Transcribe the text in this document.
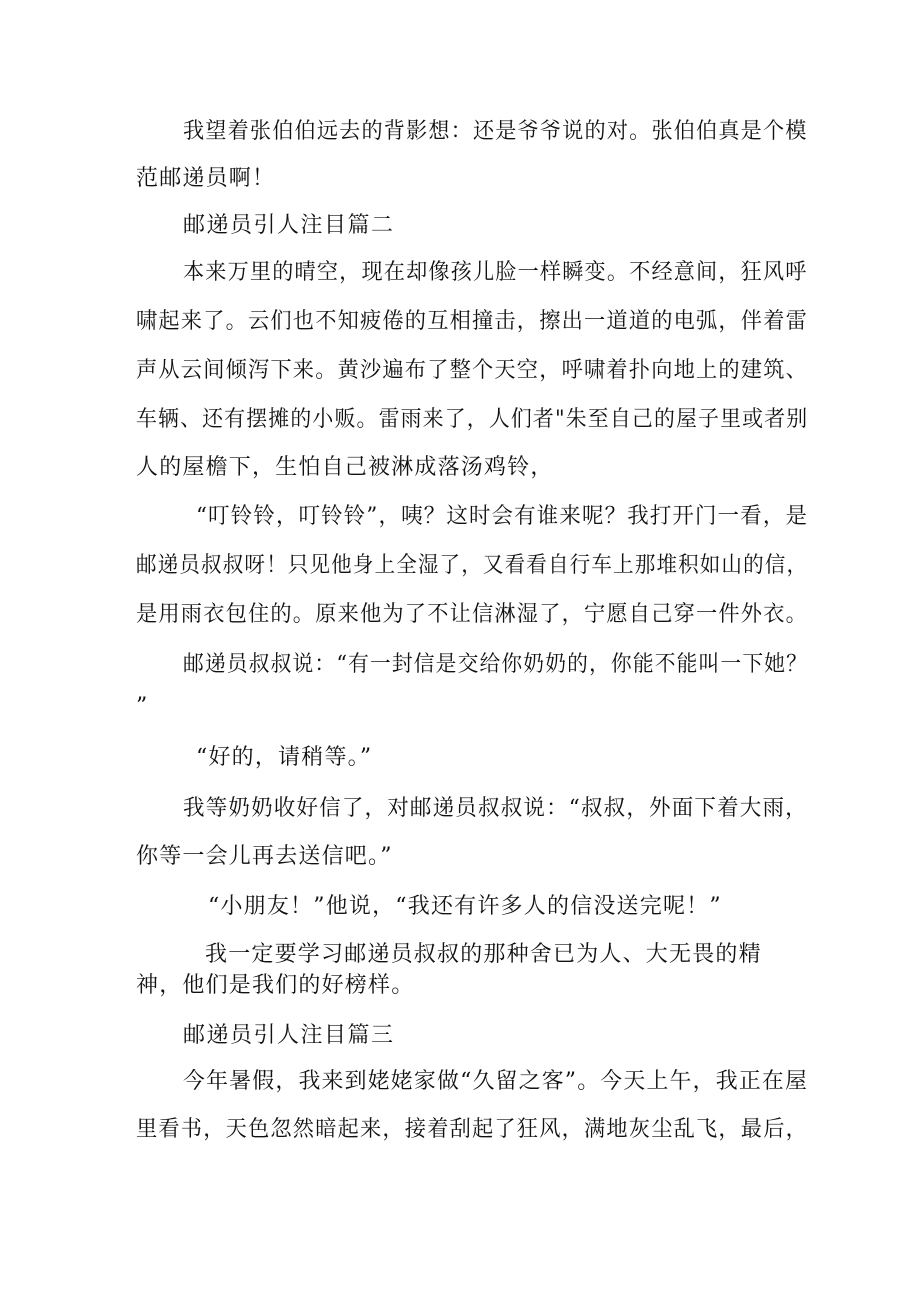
我望着张伯伯远去的背影想：还是爷爷说的对。张伯伯真是个模

范邮递员啊！

邮递员引人注目篇二

本来万里的晴空，现在却像孩儿脸一样瞬变。不经意间，狂风呼

啸起来了。云们也不知疲倦的互相撞击，擦出一道道的电弧，伴着雷

声从云间倾泻下来。黄沙遍布了整个天空，呼啸着扑向地上的建筑、

车辆、还有摆摊的小贩。雷雨来了，人们者"朱至自己的屋子里或者别

人的屋檐下，生怕自己被淋成落汤鸡铃，

“叮铃铃，叮铃铃”，咦？这时会有谁来呢？我打开门一看，是

邮递员叔叔呀！只见他身上全湿了，又看看自行车上那堆积如山的信，

是用雨衣包住的。原来他为了不让信淋湿了，宁愿自己穿一件外衣。

邮递员叔叔说：“有一封信是交给你奶奶的，你能不能叫一下她？

”

“好的，请稍等。”

我等奶奶收好信了，对邮递员叔叔说：“叔叔，外面下着大雨，

你等一会儿再去送信吧。”

“小朋友！”他说，“我还有许多人的信没送完呢！”

我一定要学习邮递员叔叔的那种舍已为人、大无畏的精

神，他们是我们的好榜样。

邮递员引人注目篇三

今年暑假，我来到姥姥家做“久留之客”。今天上午，我正在屋

里看书，天色忽然暗起来，接着刮起了狂风，满地灰尘乱飞，最后，
